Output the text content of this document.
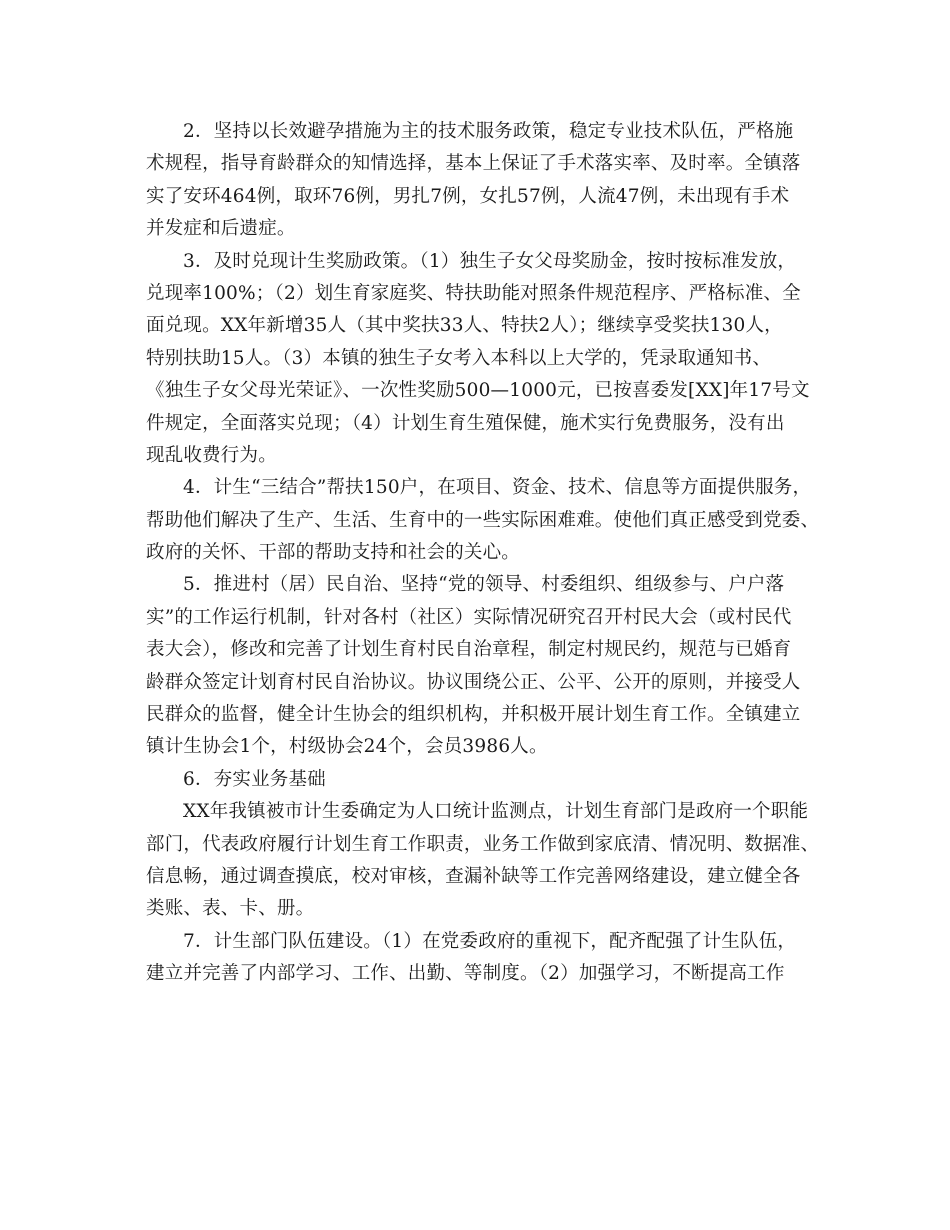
2．坚持以长效避孕措施为主的技术服务政策，稳定专业技术队伍，严格施
术规程，指导育龄群众的知情选择，基本上保证了手术落实率、及时率。全镇落
实了安环464例，取环76例，男扎7例，女扎57例，人流47例，未出现有手术
并发症和后遗症。
3．及时兑现计生奖励政策。（1）独生子女父母奖励金，按时按标准发放，
兑现率100%；（2）划生育家庭奖、特扶助能对照条件规范程序、严格标准、全
面兑现。XX年新增35人（其中奖扶33人、特扶2人）；继续享受奖扶130人，
特别扶助15人。（3）本镇的独生子女考入本科以上大学的，凭录取通知书、
《独生子女父母光荣证》、一次性奖励500—1000元，已按喜委发[XX]年17号文
件规定，全面落实兑现；（4）计划生育生殖保健，施术实行免费服务，没有出
现乱收费行为。
4．计生“三结合”帮扶150户，在项目、资金、技术、信息等方面提供服务，
帮助他们解决了生产、生活、生育中的一些实际困难难。使他们真正感受到党委、
政府的关怀、干部的帮助支持和社会的关心。
5．推进村（居）民自治、坚持“党的领导、村委组织、组级参与、户户落
实”的工作运行机制，针对各村（社区）实际情况研究召开村民大会（或村民代
表大会），修改和完善了计划生育村民自治章程，制定村规民约，规范与已婚育
龄群众签定计划育村民自治协议。协议围绕公正、公平、公开的原则，并接受人
民群众的监督，健全计生协会的组织机构，并积极开展计划生育工作。全镇建立
镇计生协会1个，村级协会24个，会员3986人。
6．夯实业务基础
XX年我镇被市计生委确定为人口统计监测点，计划生育部门是政府一个职能
部门，代表政府履行计划生育工作职责，业务工作做到家底清、情况明、数据准、
信息畅，通过调查摸底，校对审核，查漏补缺等工作完善网络建设，建立健全各
类账、表、卡、册。
7．计生部门队伍建设。（1）在党委政府的重视下，配齐配强了计生队伍，
建立并完善了内部学习、工作、出勤、等制度。（2）加强学习，不断提高工作
